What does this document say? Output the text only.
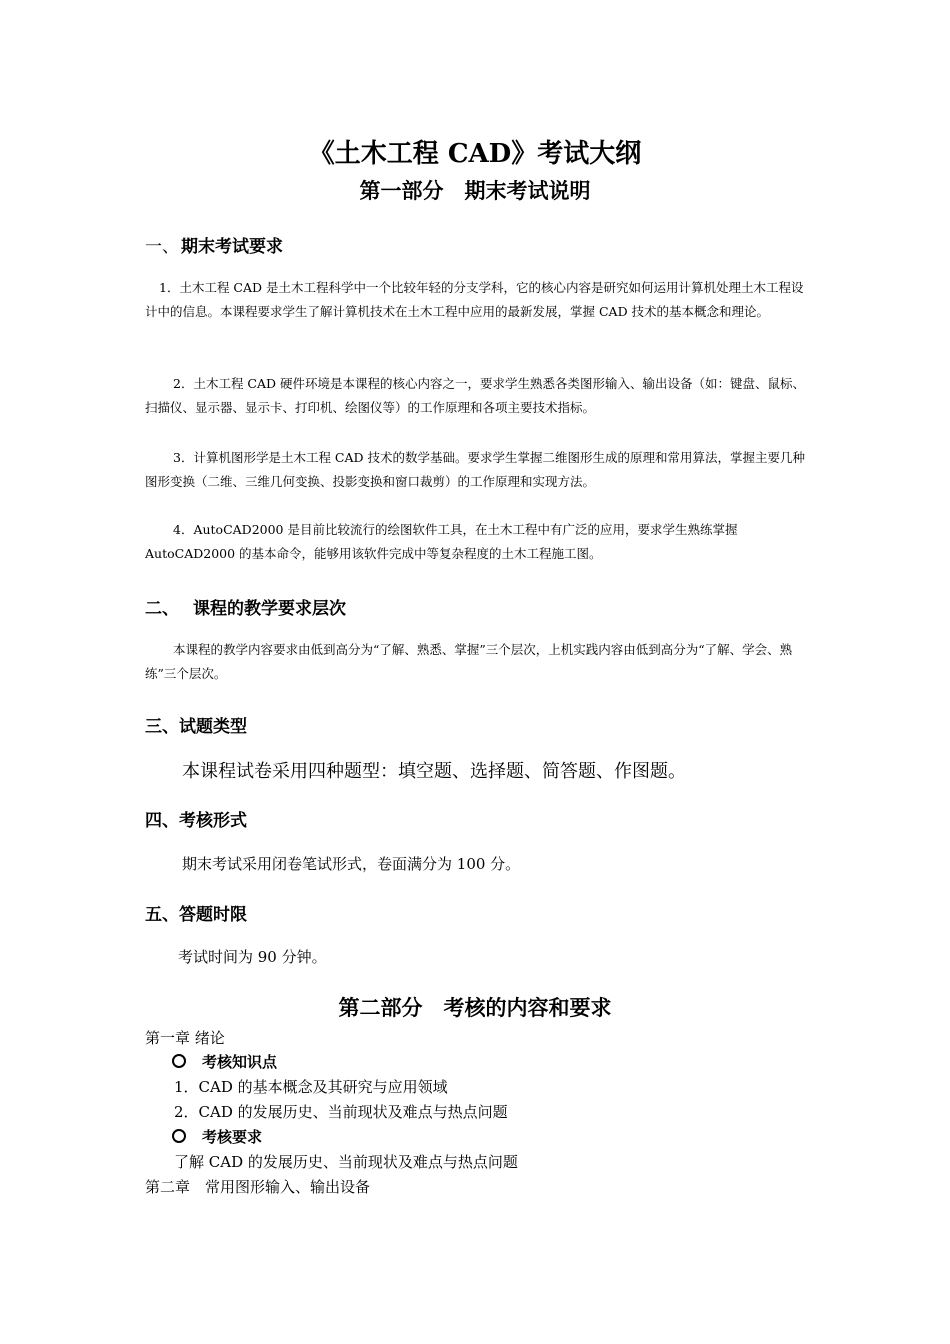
《土木工程 CAD》考试大纲
第一部分　期末考试说明
一、 期末考试要求
1．土木工程 CAD 是土木工程科学中一个比较年轻的分支学科，它的核心内容是研究如何运用计算机处理土木工程设计中的信息。本课程要求学生了解计算机技术在土木工程中应用的最新发展，掌握 CAD 技术的基本概念和理论。
2．土木工程 CAD 硬件环境是本课程的核心内容之一，要求学生熟悉各类图形输入、输出设备（如：键盘、鼠标、扫描仪、显示器、显示卡、打印机、绘图仪等）的工作原理和各项主要技术指标。
3．计算机图形学是土木工程 CAD 技术的数学基础。要求学生掌握二维图形生成的原理和常用算法，掌握主要几种图形变换（二维、三维几何变换、投影变换和窗口裁剪）的工作原理和实现方法。
4．AutoCAD2000 是目前比较流行的绘图软件工具，在土木工程中有广泛的应用，要求学生熟练掌握 AutoCAD2000 的基本命令，能够用该软件完成中等复杂程度的土木工程施工图。
二、 课程的教学要求层次
本课程的教学内容要求由低到高分为“了解、熟悉、掌握”三个层次，上机实践内容由低到高分为“了解、学会、熟练”三个层次。
三、试题类型
本课程试卷采用四种题型：填空题、选择题、简答题、作图题。
四、考核形式
期末考试采用闭卷笔试形式，卷面满分为 100 分。
五、答题时限
考试时间为 90 分钟。
第二部分　考核的内容和要求
第一章 绪论
考核知识点
1．CAD 的基本概念及其研究与应用领域
2．CAD 的发展历史、当前现状及难点与热点问题
考核要求
了解 CAD 的发展历史、当前现状及难点与热点问题
第二章　常用图形输入、输出设备
